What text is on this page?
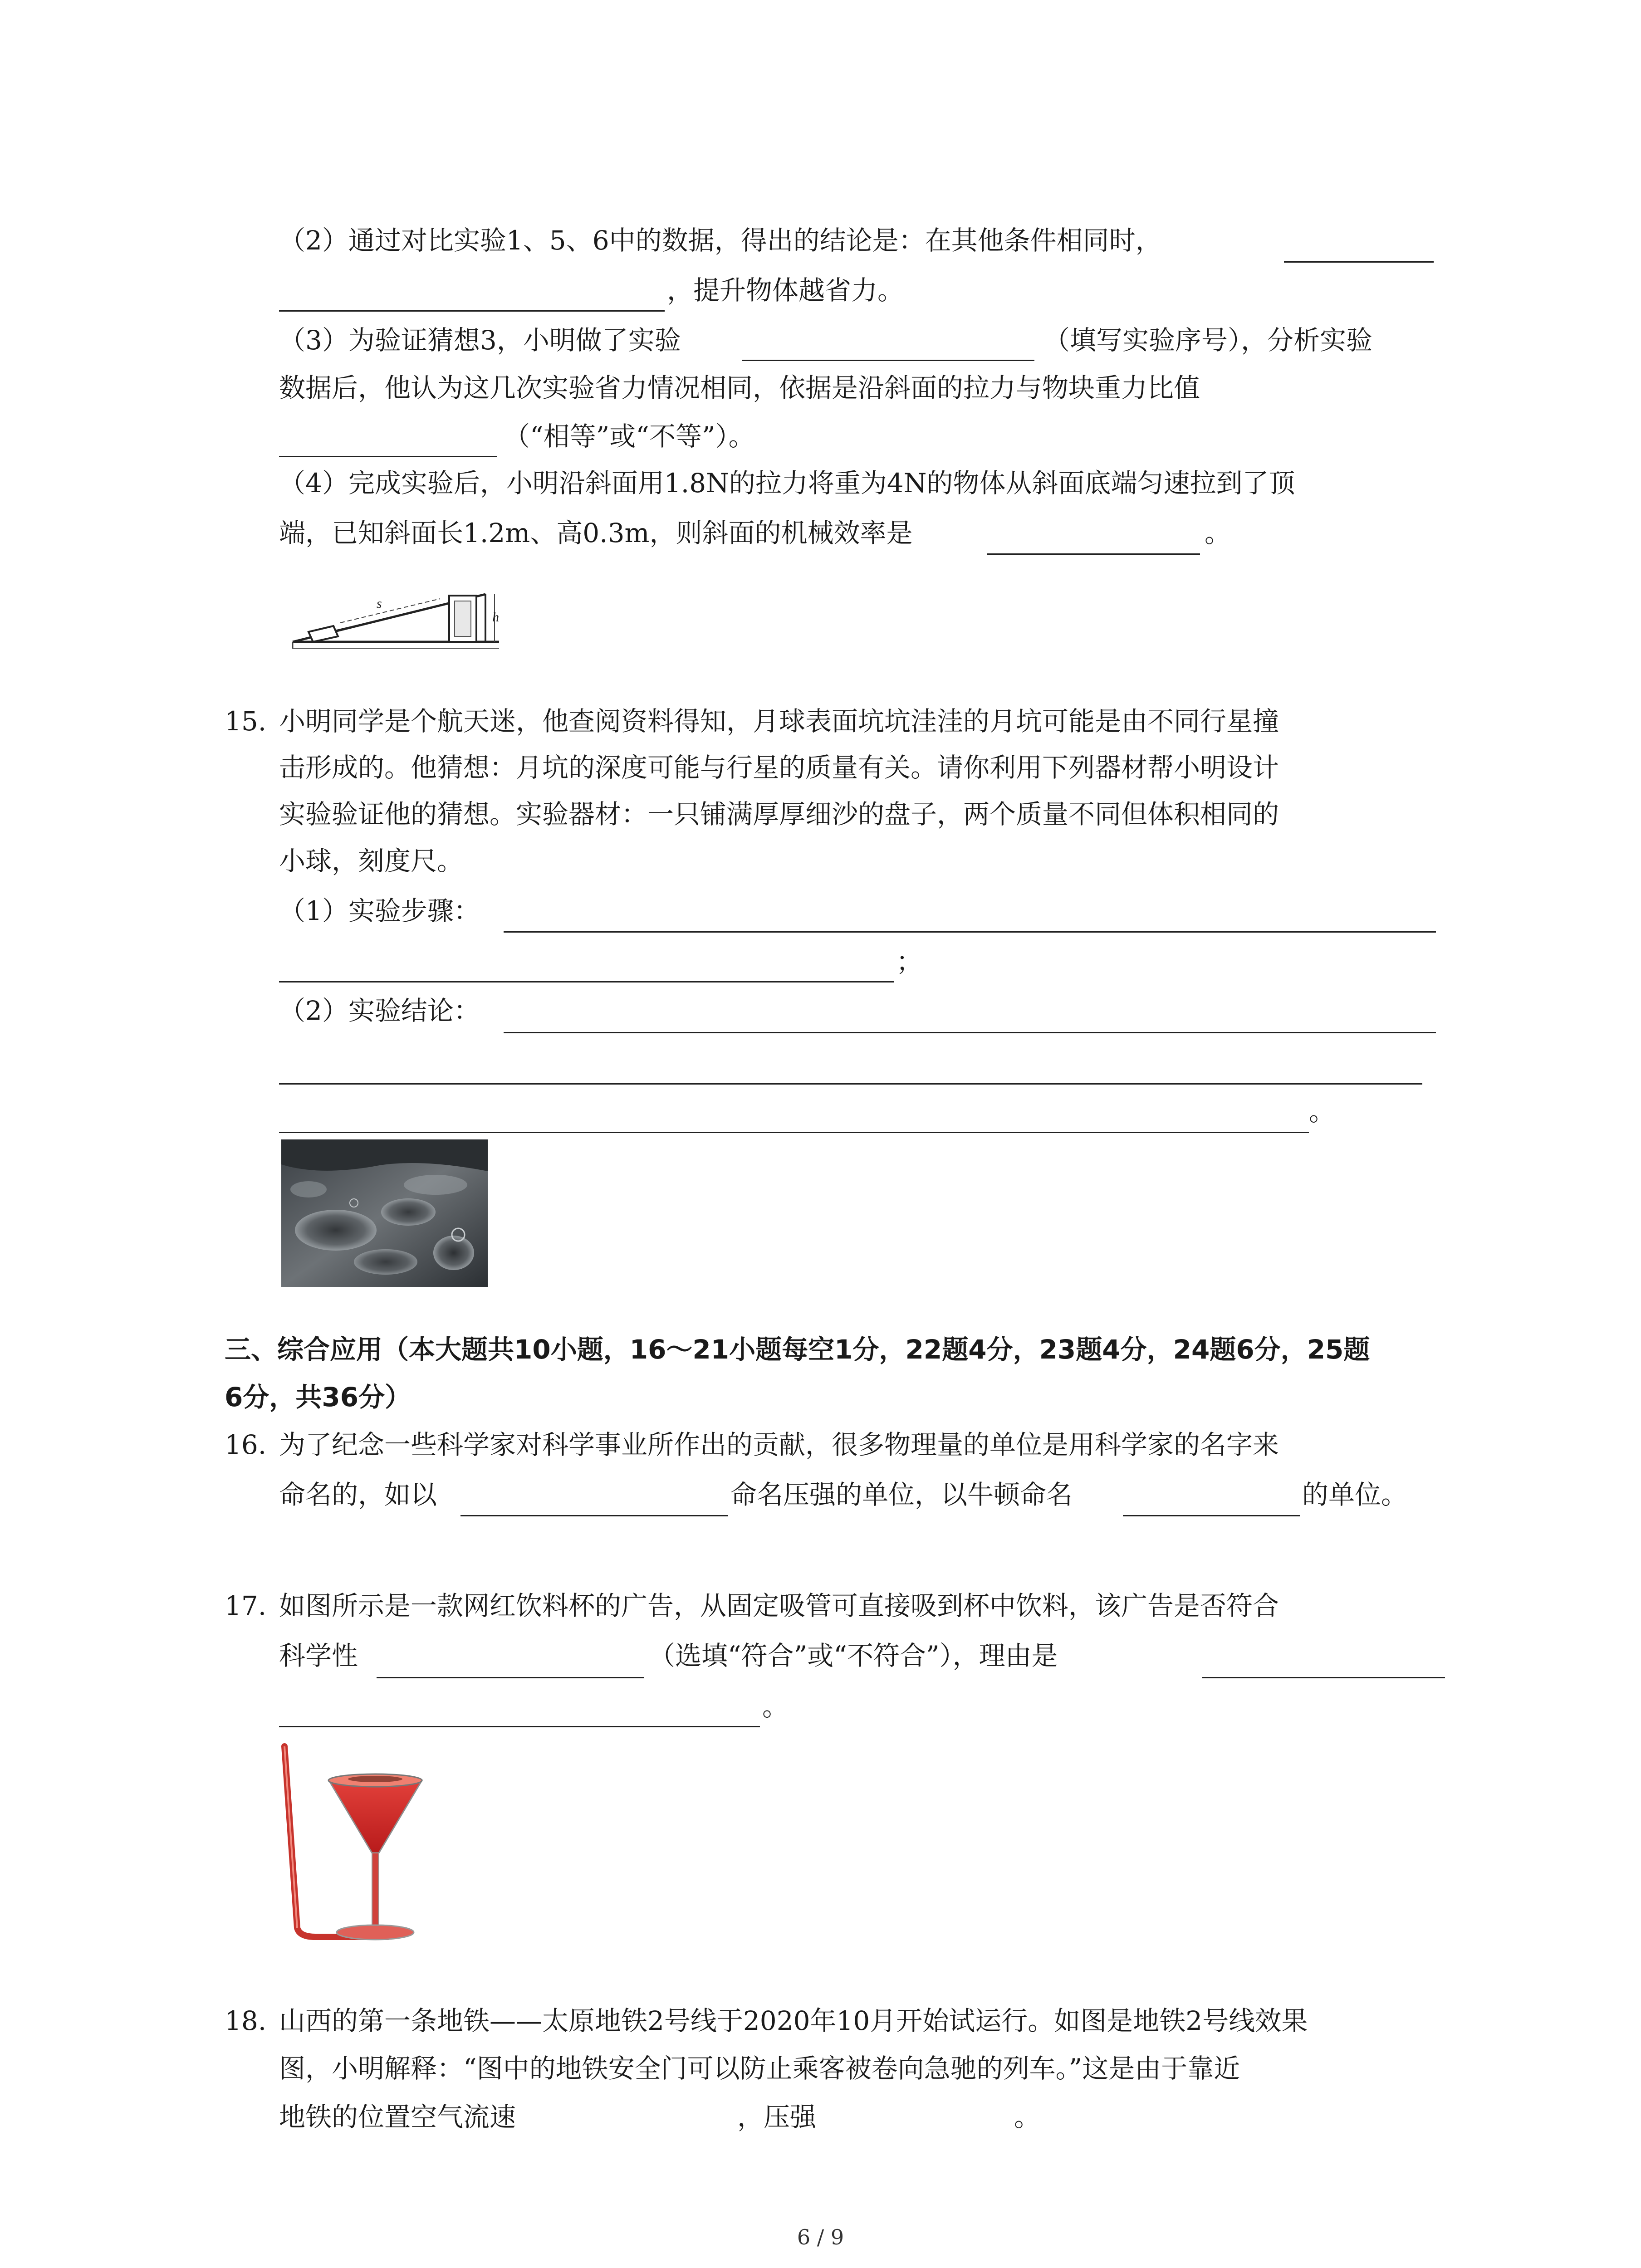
（2）通过对比实验1、5、6中的数据，得出的结论是：在其他条件相同时，
，提升物体越省力。
（3）为验证猜想3，小明做了实验	（填写实验序号），分析实验
数据后，他认为这几次实验省力情况相同，依据是沿斜面的拉力与物块重力比值
（“相等”或“不等”）。
（4）完成实验后，小明沿斜面用1.8N的拉力将重为4N的物体从斜面底端匀速拉到了顶
端，已知斜面长1.2m、高0.3m，则斜面的机械效率是	。
s
h
15. 小明同学是个航天迷，他查阅资料得知，月球表面坑坑洼洼的月坑可能是由不同行星撞
击形成的。他猜想：月坑的深度可能与行星的质量有关。请你利用下列器材帮小明设计
实验验证他的猜想。实验器材：一只铺满厚厚细沙的盘子，两个质量不同但体积相同的
小球，刻度尺。
（1）实验步骤：
；
（2）实验结论：
。
三、综合应用（本大题共10小题，16～21小题每空1分，22题4分，23题4分，24题6分，25题
6分，共36分）
16. 为了纪念一些科学家对科学事业所作出的贡献，很多物理量的单位是用科学家的名字来
命名的，如以	命名压强的单位，以牛顿命名	的单位。
17. 如图所示是一款网红饮料杯的广告，从固定吸管可直接吸到杯中饮料，该广告是否符合
科学性	（选填“符合”或“不符合”），理由是
。
18. 山西的第一条地铁——太原地铁2号线于2020年10月开始试运行。如图是地铁2号线效果
图，小明解释：“图中的地铁安全门可以防止乘客被卷向急驰的列车。”这是由于靠近
地铁的位置空气流速	，压强	。
6 / 9
